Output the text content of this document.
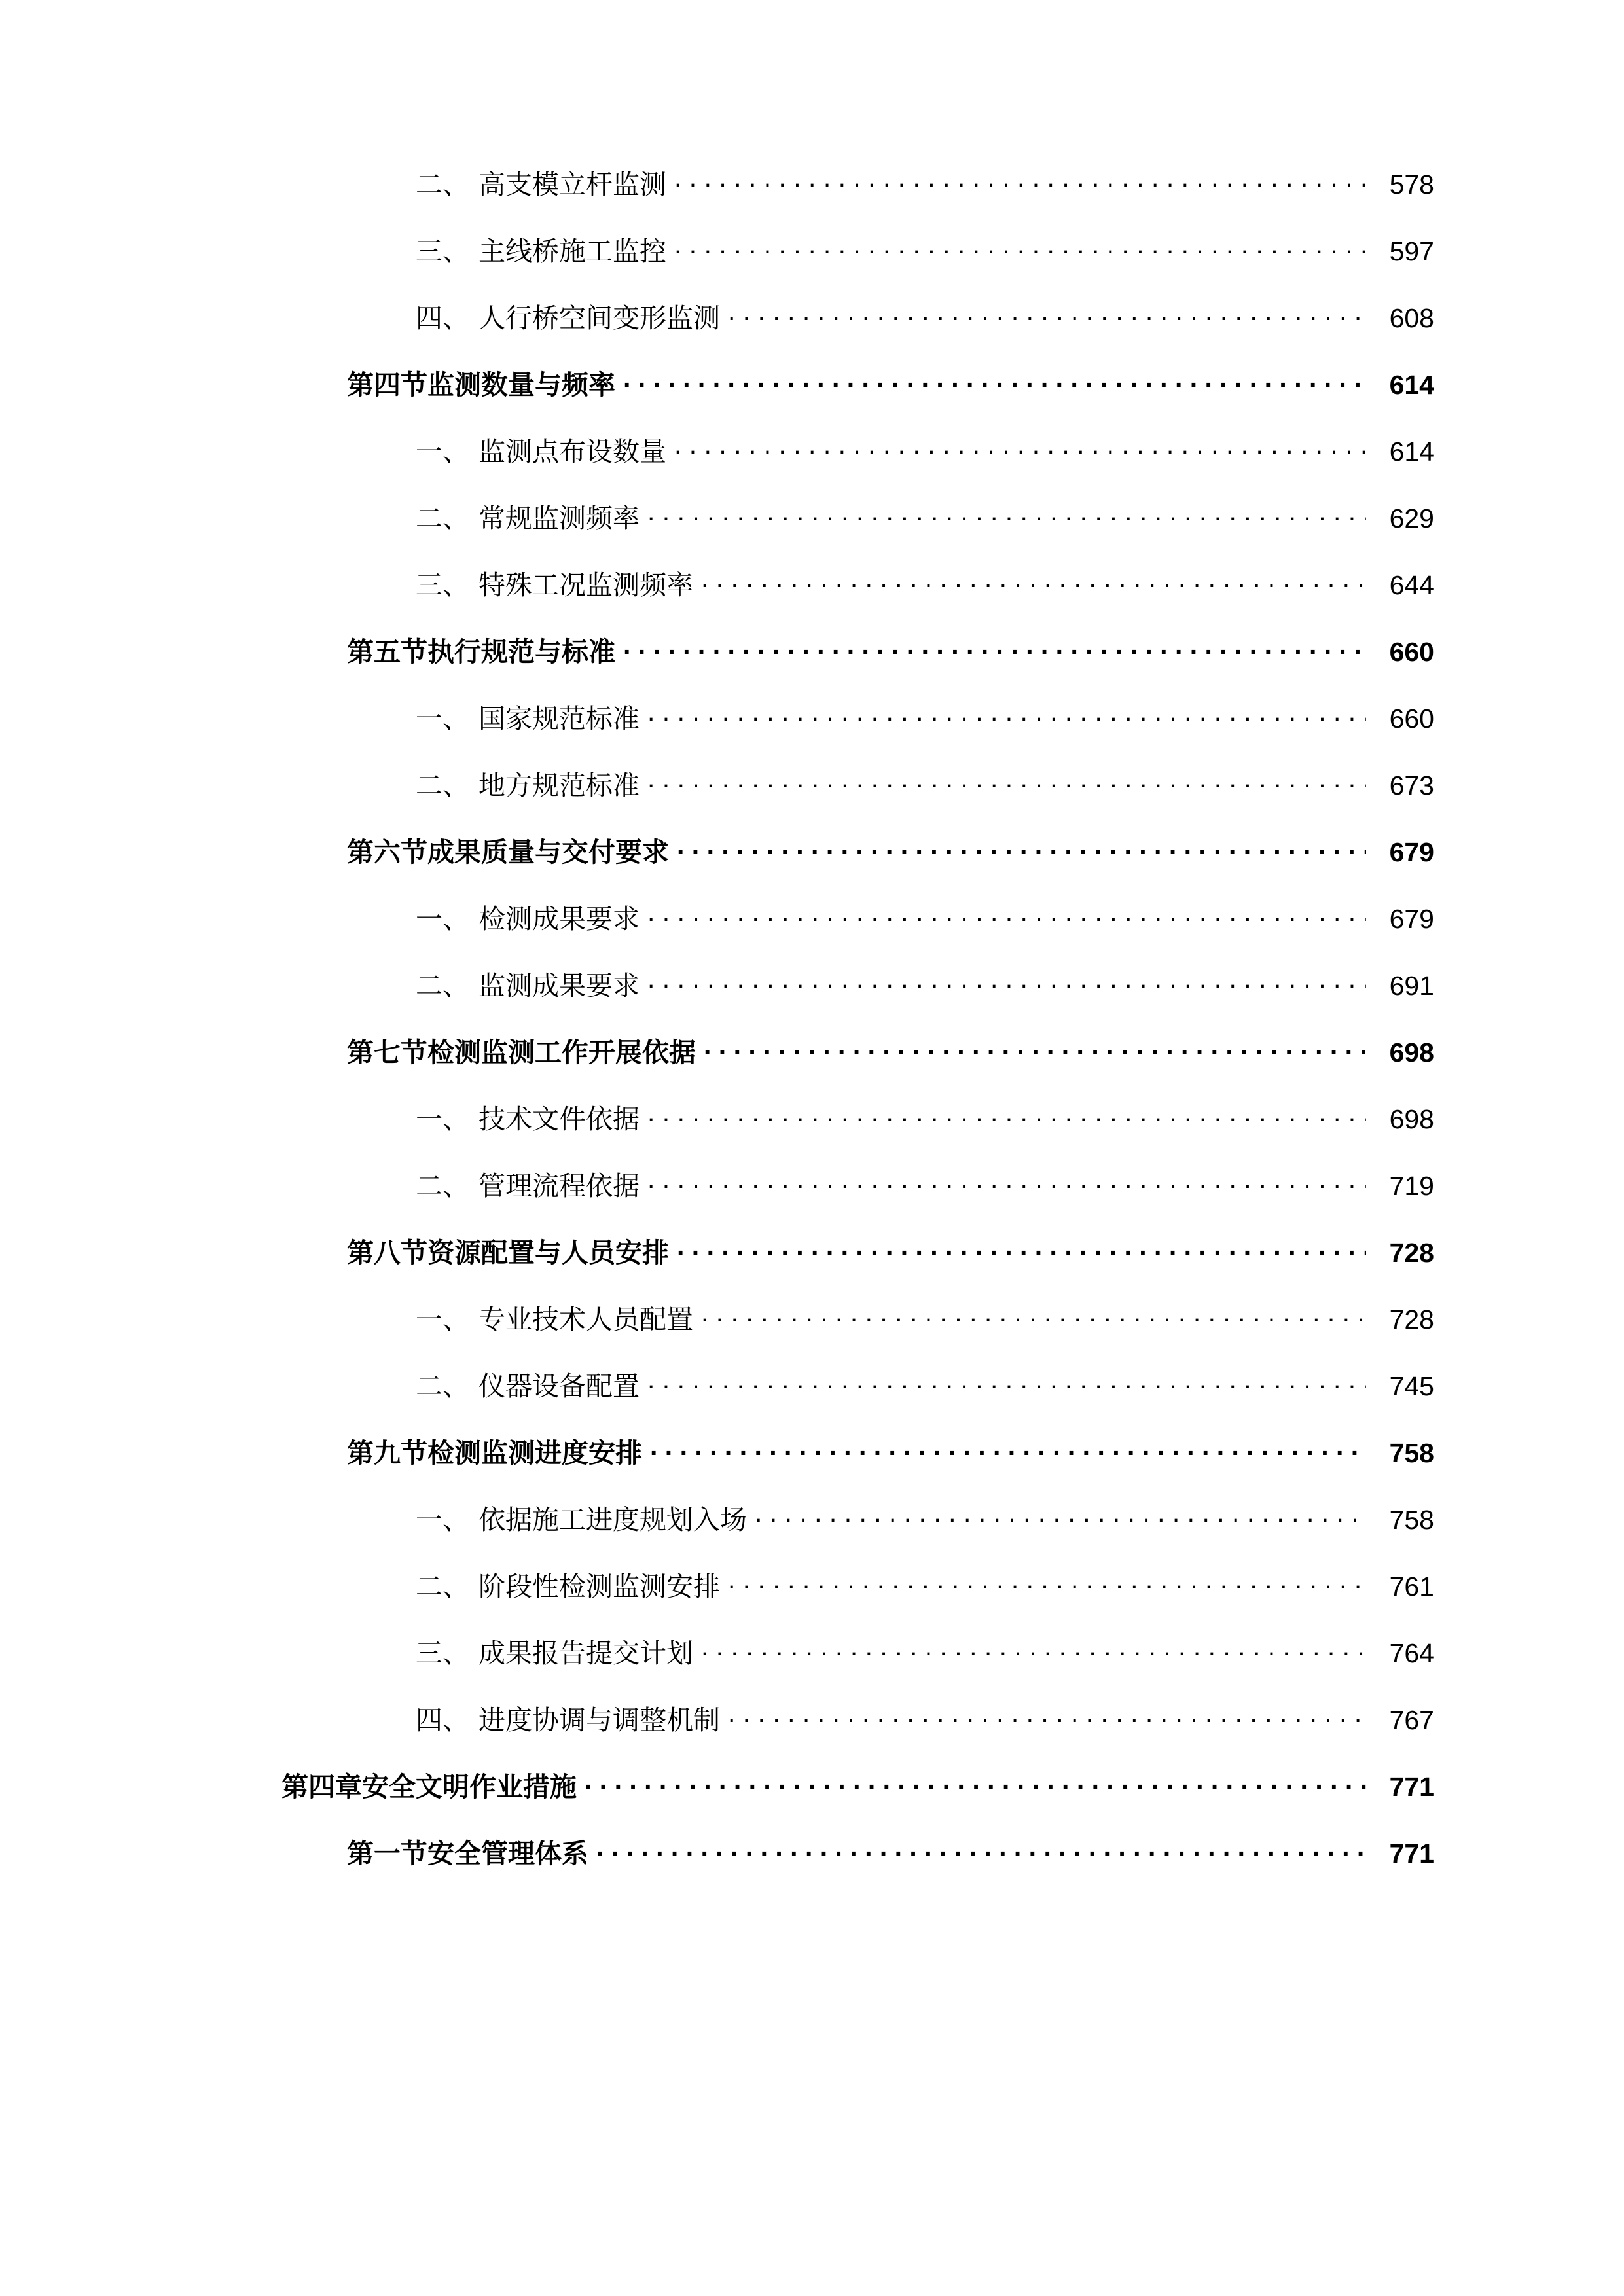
二、 高支模立杆监测 . . .	578
三、 主线桥施工监控 . . .	597
四、 人行桥空间变形监测 . . .	608
第四节 监测数量与频率 . . .	614
一、 监测点布设数量 . . .	614
二、 常规监测频率 . . .	629
三、 特殊工况监测频率 . . .	644
第五节 执行规范与标准 . . .	660
一、 国家规范标准 . . .	660
二、 地方规范标准 . . .	673
第六节 成果质量与交付要求 . . .	679
一、 检测成果要求 . . .	679
二、 监测成果要求 . . .	691
第七节 检测监测工作开展依据 . . .	698
一、 技术文件依据 . . .	698
二、 管理流程依据 . . .	719
第八节 资源配置与人员安排 . . .	728
一、 专业技术人员配置 . . .	728
二、 仪器设备配置 . . .	745
第九节 检测监测进度安排 . . .	758
一、 依据施工进度规划入场 . . .	758
二、 阶段性检测监测安排 . . .	761
三、 成果报告提交计划 . . .	764
四、 进度协调与调整机制 . . .	767
第四章 安全文明作业措施 . . .	771
第一节 安全管理体系 . . .	771
